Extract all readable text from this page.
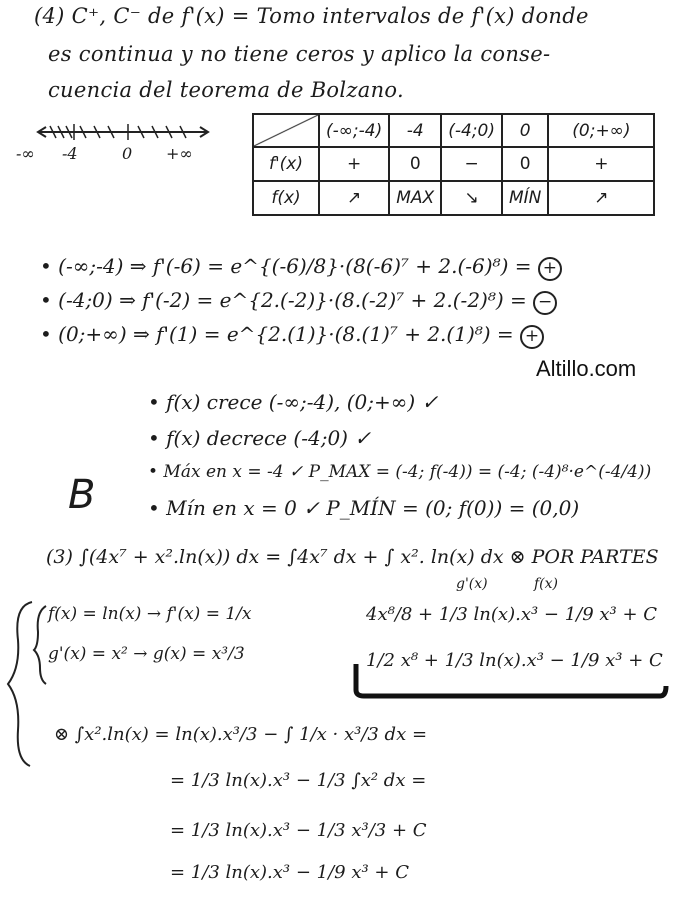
(4) C⁺, C⁻ de f'(x) = Tomo intervalos de f'(x) donde
es continua y no tiene ceros y aplico la conse-
cuencia del teorema de Bolzano.
-∞ -4	0 +∞
	(-∞;-4)	-4	(-4;0)	0	(0;+∞)
f'(x)	+	0	−	0	+
f(x)	↗	MAX	↘	MÍN	↗
• (-∞;-4) ⇒ f'(-6) = e^{(-6)/8}·(8(-6)⁷ + 2.(-6)⁸) = +
• (-4;0) ⇒ f'(-2) = e^{2.(-2)}·(8.(-2)⁷ + 2.(-2)⁸) = −
• (0;+∞) ⇒ f'(1) = e^{2.(1)}·(8.(1)⁷ + 2.(1)⁸) = +
Altillo.com
• f(x) crece (-∞;-4), (0;+∞) ✓
• f(x) decrece (-4;0) ✓
• Máx en x = -4 ✓ P_MAX = (-4; f(-4)) = (-4; (-4)⁸·e^(-4/4))
• Mín en x = 0 ✓ P_MÍN = (0; f(0)) = (0,0)
B
(3) ∫(4x⁷ + x².ln(x)) dx = ∫4x⁷ dx + ∫ x². ln(x) dx ⊗ POR PARTES
g'(x)	f(x)
f(x) = ln(x) → f'(x) = 1/x
g'(x) = x² → g(x) = x³/3
4x⁸/8 + 1/3 ln(x).x³ − 1/9 x³ + C
1/2 x⁸ + 1/3 ln(x).x³ − 1/9 x³ + C
⊗ ∫x².ln(x) = ln(x).x³/3 − ∫ 1/x · x³/3 dx =
= 1/3 ln(x).x³ − 1/3 ∫x² dx =
= 1/3 ln(x).x³ − 1/3 x³/3 + C
= 1/3 ln(x).x³ − 1/9 x³ + C
